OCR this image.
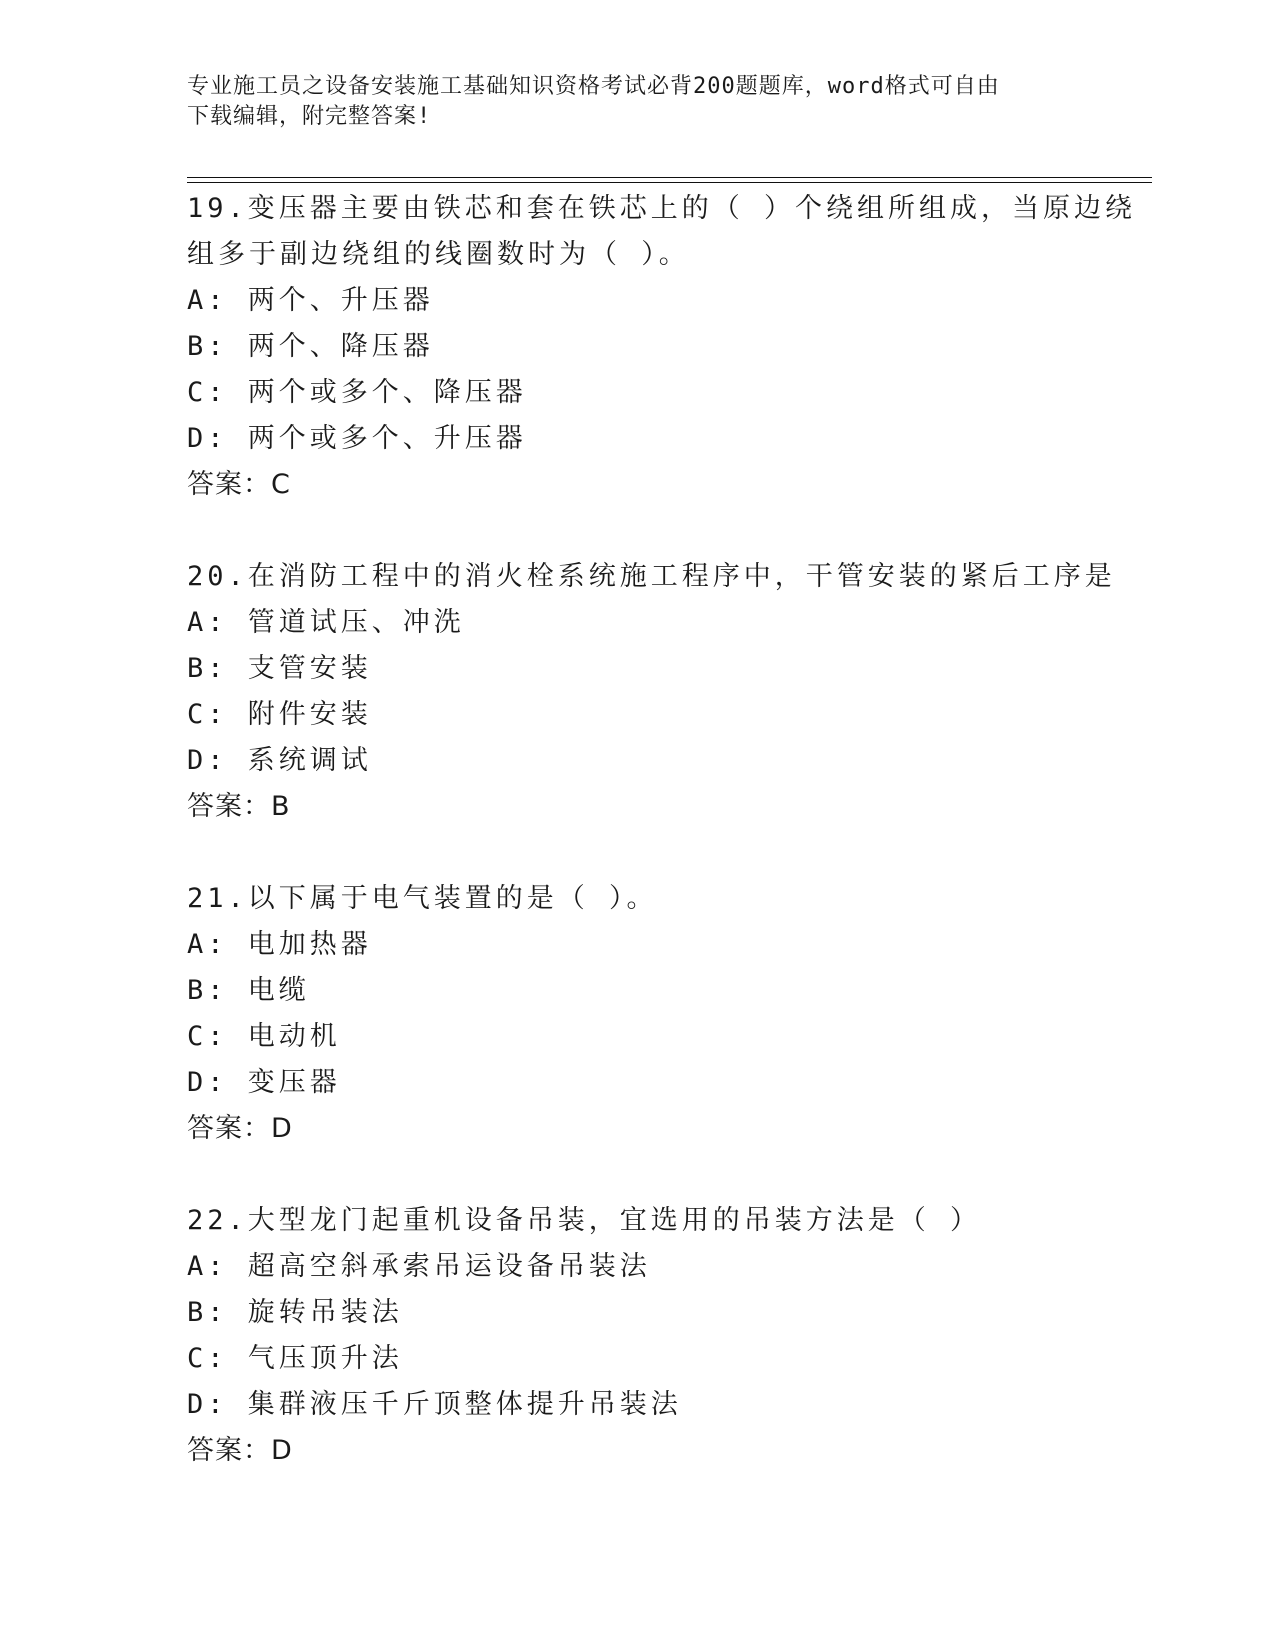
专业施工员之设备安装施工基础知识资格考试必背200题题库，word格式可自由
下载编辑，附完整答案!
19.变压器主要由铁芯和套在铁芯上的（ ）个绕组所组成，当原边绕
组多于副边绕组的线圈数时为（ ）。
A: 两个、升压器
B: 两个、降压器
C: 两个或多个、降压器
D: 两个或多个、升压器
答案：C
20.在消防工程中的消火栓系统施工程序中，干管安装的紧后工序是
A: 管道试压、冲洗
B: 支管安装
C: 附件安装
D: 系统调试
答案：B
21.以下属于电气装置的是（ ）。
A: 电加热器
B: 电缆
C: 电动机
D: 变压器
答案：D
22.大型龙门起重机设备吊装，宜选用的吊装方法是（ ）
A: 超高空斜承索吊运设备吊装法
B: 旋转吊装法
C: 气压顶升法
D: 集群液压千斤顶整体提升吊装法
答案：D
